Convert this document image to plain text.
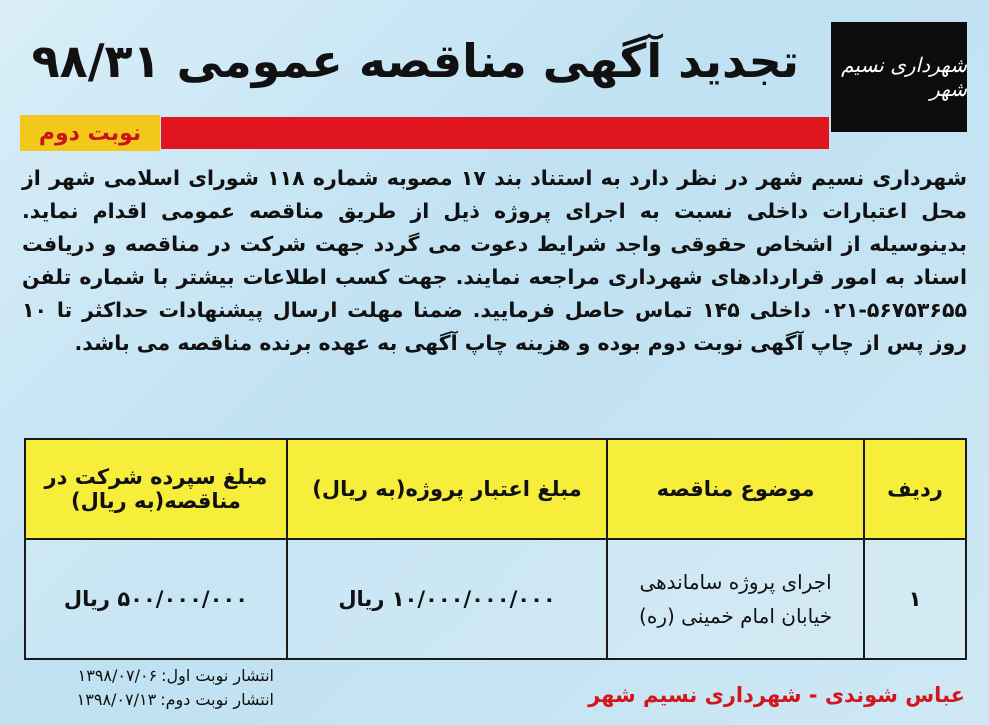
شهرداری نسیم شهر
تجدید آگهی مناقصه عمومی ۹۸/۳۱
نوبت دوم
شهرداری نسیم شهر در نظر دارد به استناد بند ۱۷ مصوبه شماره ۱۱۸ شورای اسلامی شهر از محل اعتبارات داخلی نسبت به اجرای پروژه ذیل از طریق مناقصه عمومی اقدام نماید. بدینوسیله از اشخاص حقوقی واجد شرایط دعوت می گردد جهت شرکت در مناقصه و دریافت اسناد به امور قراردادهای شهرداری مراجعه نمایند. جهت کسب اطلاعات بیشتر با شماره تلفن ۵۶۷۵۳۶۵۵-۰۲۱ داخلی ۱۴۵ تماس حاصل فرمایید. ضمنا مهلت ارسال پیشنهادات حداکثر تا ۱۰ روز پس از چاپ آگهی نوبت دوم بوده و هزینه چاپ آگهی به عهده برنده مناقصه می باشد.
ردیف	موضوع مناقصه	مبلغ اعتبار پروژه(به ریال)	مبلغ سپرده شرکت در مناقصه(به ریال)
۱	اجرای پروژه ساماندهی خیابان امام خمینی (ره)	۱۰/۰۰۰/۰۰۰/۰۰۰ ریال	۵۰۰/۰۰۰/۰۰۰ ریال
انتشار نوبت اول:
۱۳۹۸/۰۷/۰۶
انتشار نوبت دوم:
۱۳۹۸/۰۷/۱۳	عباس شوندی - شهرداری نسیم شهر
